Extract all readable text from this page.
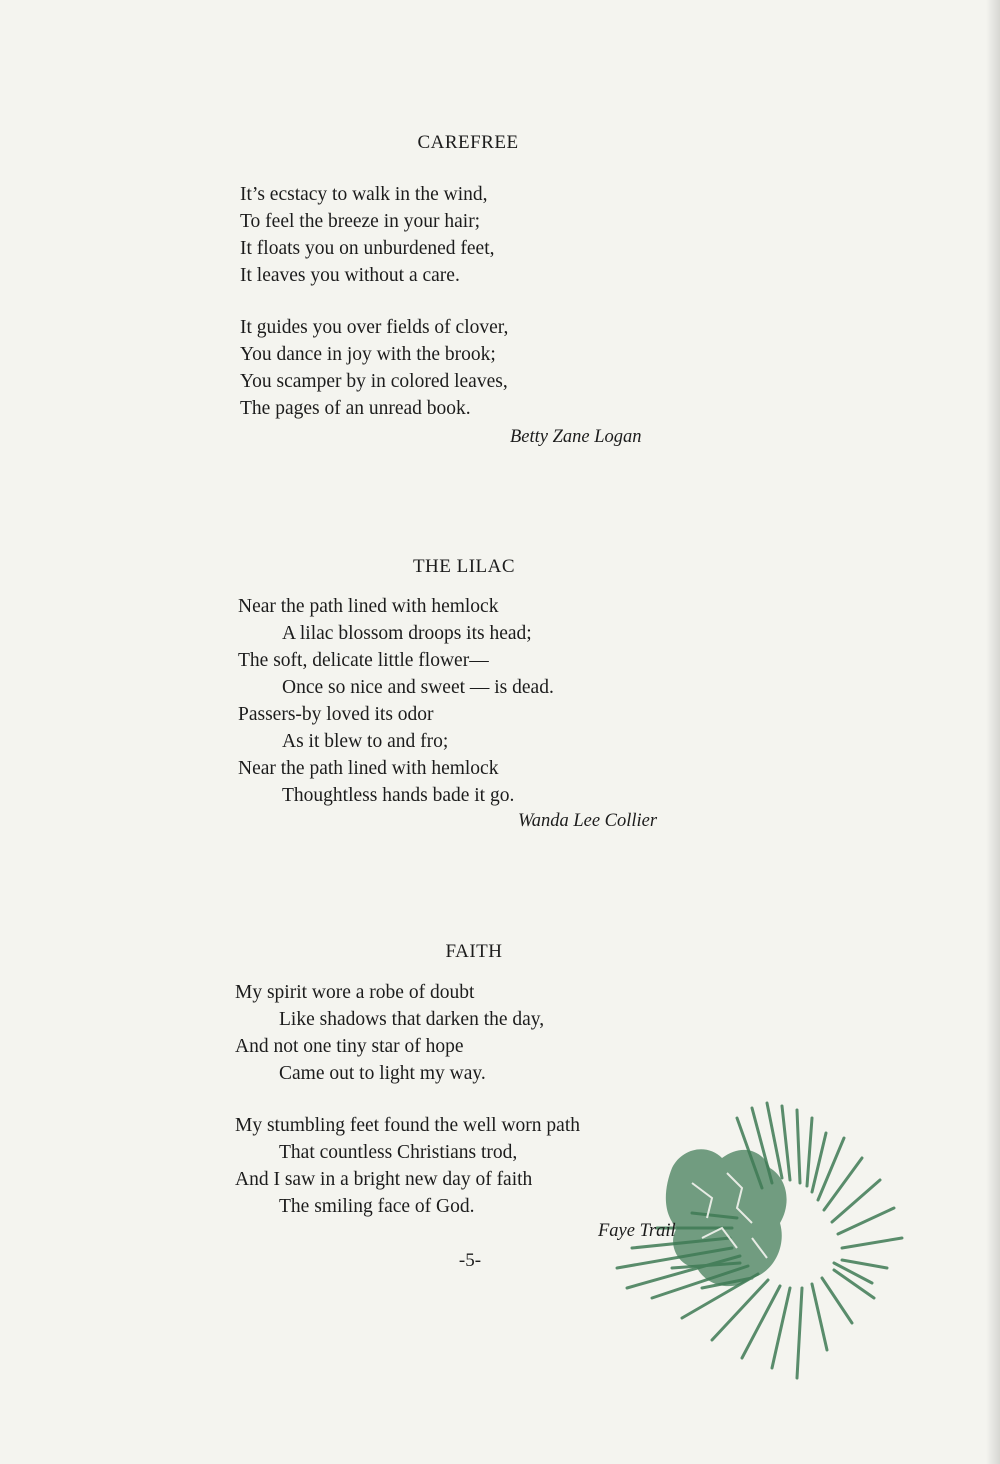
CAREFREE
It’s ecstacy to walk in the wind,
To feel the breeze in your hair;
It floats you on unburdened feet,
It leaves you without a care.
It guides you over fields of clover,
You dance in joy with the brook;
You scamper by in colored leaves,
The pages of an unread book.
Betty Zane Logan
THE LILAC
Near the path lined with hemlock
A lilac blossom droops its head;
The soft, delicate little flower—
Once so nice and sweet — is dead.
Passers-by loved its odor
As it blew to and fro;
Near the path lined with hemlock
Thoughtless hands bade it go.
Wanda Lee Collier
FAITH
My spirit wore a robe of doubt
Like shadows that darken the day,
And not one tiny star of hope
Came out to light my way.
My stumbling feet found the well worn path
That countless Christians trod,
And I saw in a bright new day of faith
The smiling face of God.
Faye Trail
-5-
